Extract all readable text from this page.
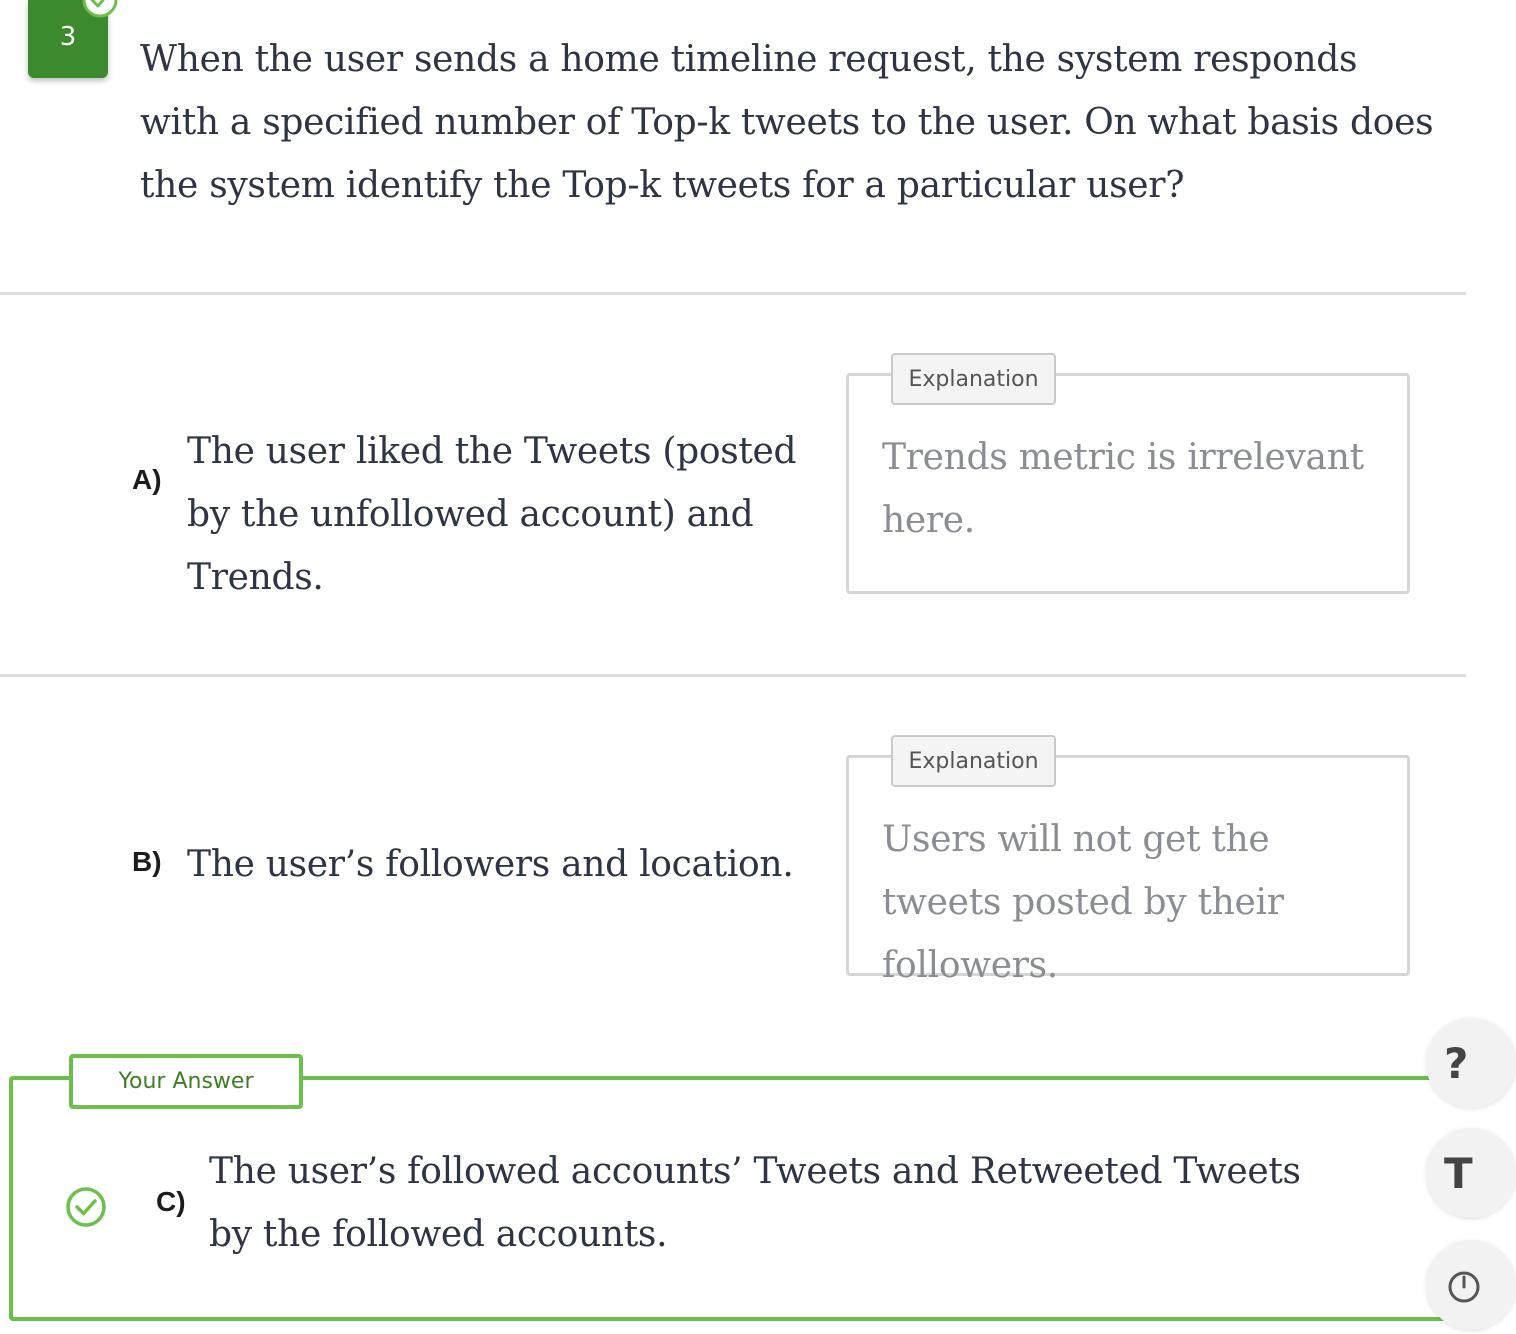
3
When the user sends a home timeline request, the system responds with a specified number of Top-k tweets to the user. On what basis does the system identify the Top-k tweets for a particular user?
A)
The user liked the Tweets (posted by the unfollowed account) and Trends.
Explanation
Trends metric is irrelevant here.
B) The user’s followers and location.
Explanation
Users will not get the tweets posted by their followers.
Your Answer
C)
The user’s followed accounts’ Tweets and Retweeted Tweets by the followed accounts.
?
T
